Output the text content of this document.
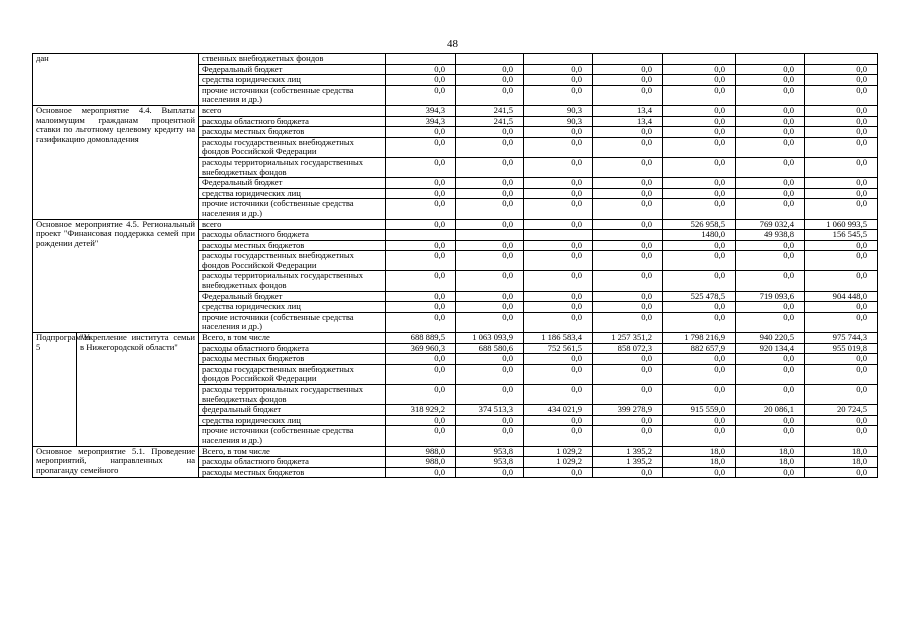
48
дан		ственных внебюджетных фондов							
		Федеральный бюджет	0,0	0,0	0,0	0,0	0,0	0,0	0,0
		средства юридических лиц	0,0	0,0	0,0	0,0	0,0	0,0	0,0
		прочие источники (собственные средства населения и др.)	0,0	0,0	0,0	0,0	0,0	0,0	0,0
Основное мероприятие 4.4. Выплаты малоимущим гражданам процентной ставки по льготному целевому кредиту на газификацию домовладения		всего	394,3	241,5	90,3	13,4	0,0	0,0	0,0
		расходы областного бюджета	394,3	241,5	90,3	13,4	0,0	0,0	0,0
		расходы местных бюджетов	0,0	0,0	0,0	0,0	0,0	0,0	0,0
		расходы государственных внебюджетных фондов Российской Федерации	0,0	0,0	0,0	0,0	0,0	0,0	0,0
		расходы территориальных государственных внебюджетных фондов	0,0	0,0	0,0	0,0	0,0	0,0	0,0
		Федеральный бюджет	0,0	0,0	0,0	0,0	0,0	0,0	0,0
		средства юридических лиц	0,0	0,0	0,0	0,0	0,0	0,0	0,0
		прочие источники (собственные средства населения и др.)	0,0	0,0	0,0	0,0	0,0	0,0	0,0
Основное мероприятие 4.5. Региональный проект "Финансовая поддержка семей при рождении детей"		всего	0,0	0,0	0,0	0,0	526 958,5	769 032,4	1 060 993,5
		расходы областного бюджета					1480,0	49 938,8	156 545,5
		расходы местных бюджетов	0,0	0,0	0,0	0,0	0,0	0,0	0,0
		расходы государственных внебюджетных фондов Российской Федерации	0,0	0,0	0,0	0,0	0,0	0,0	0,0
		расходы территориальных государственных внебюджетных фондов	0,0	0,0	0,0	0,0	0,0	0,0	0,0
		Федеральный бюджет	0,0	0,0	0,0	0,0	525 478,5	719 093,6	904 448,0
		средства юридических лиц	0,0	0,0	0,0	0,0	0,0	0,0	0,0
		прочие источники (собственные средства населения и др.)	0,0	0,0	0,0	0,0	0,0	0,0	0,0
Подпрограмма 5	"Укрепление института семьи в Нижегородской области"	Всего, в том числе	688 889,5	1 063 093,9	1 186 583,4	1 257 351,2	1 798 216,9	940 220,5	975 744,3
		расходы областного бюджета	369 960,3	688 580,6	752 561,5	858 072,3	882 657,9	920 134,4	955 019,8
		расходы местных бюджетов	0,0	0,0	0,0	0,0	0,0	0,0	0,0
		расходы государственных внебюджетных фондов Российской Федерации	0,0	0,0	0,0	0,0	0,0	0,0	0,0
		расходы территориальных государственных внебюджетных фондов	0,0	0,0	0,0	0,0	0,0	0,0	0,0
		федеральный бюджет	318 929,2	374 513,3	434 021,9	399 278,9	915 559,0	20 086,1	20 724,5
		средства юридических лиц	0,0	0,0	0,0	0,0	0,0	0,0	0,0
		прочие источники (собственные средства населения и др.)	0,0	0,0	0,0	0,0	0,0	0,0	0,0
Основное мероприятие 5.1. Проведение мероприятий, направленных на пропаганду семейного		Всего, в том числе	988,0	953,8	1 029,2	1 395,2	18,0	18,0	18,0
		расходы областного бюджета	988,0	953,8	1 029,2	1 395,2	18,0	18,0	18,0
		расходы местных бюджетов	0,0	0,0	0,0	0,0	0,0	0,0	0,0
